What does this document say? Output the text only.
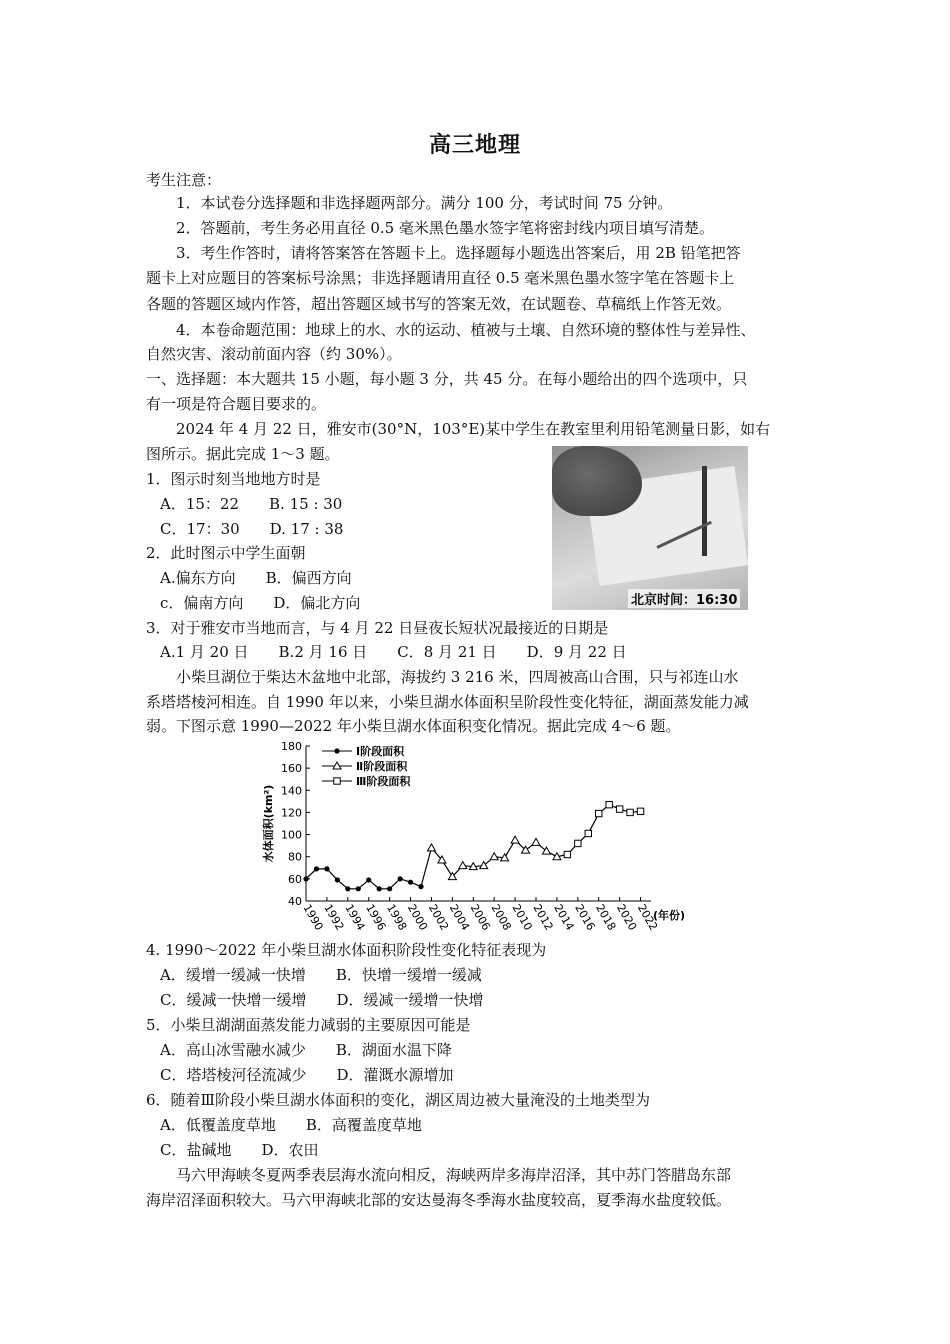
高三地理
考生注意：
1．本试卷分选择题和非选择题两部分。满分 100 分，考试时间 75 分钟。
2．答题前，考生务必用直径 0.5 毫米黑色墨水签字笔将密封线内项目填写清楚。
3．考生作答时，请将答案答在答题卡上。选择题每小题选出答案后，用 2B 铅笔把答
题卡上对应题目的答案标号涂黑；非选择题请用直径 0.5 毫米黑色墨水签字笔在答题卡上
各题的答题区域内作答，超出答题区域书写的答案无效，在试题卷、草稿纸上作答无效。
4．本卷命题范围：地球上的水、水的运动、植被与土壤、自然环境的整体性与差异性、
自然灾害、滚动前面内容（约 30%）。
一、选择题：本大题共 15 小题，每小题 3 分，共 45 分。在每小题给出的四个选项中，只
有一项是符合题目要求的。
2024 年 4 月 22 日，雅安市(30°N，103°E)某中学生在教室里利用铅笔测量日影，如右
图所示。据此完成 1～3 题。
北京时间：16:30
1．图示时刻当地地方时是
A．15：22　　B. 15 : 30
C．17：30　　D. 17 : 38
2．此时图示中学生面朝
A.偏东方向　　B．偏西方向
c．偏南方向　　D．偏北方向
3．对于雅安市当地而言，与 4 月 22 日昼夜长短状况最接近的日期是
A.1 月 20 日　　B.2 月 16 日　　C．8 月 21 日　　D．9 月 22 日
小柴旦湖位于柴达木盆地中北部，海拔约 3 216 米，四周被高山合围，只与祁连山水
系塔塔棱河相连。自 1990 年以来，小柴旦湖水体面积呈阶段性变化特征，湖面蒸发能力减
弱。下图示意 1990—2022 年小柴旦湖水体面积变化情况。据此完成 4～6 题。
40
60
80
100
120
140
160
180
1990
1992
1994
1996
1998
2000
2002
2004
2006
2008
2010
2012
2014
2016
2018
2020
2022
(年份)
水体面积(km²)
Ⅰ阶段面积
Ⅱ阶段面积
Ⅲ阶段面积
4. 1990～2022 年小柴旦湖水体面积阶段性变化特征表现为
A．缓增一缓减一快增　　B．快增一缓增一缓减
C．缓减一快增一缓增　　D．缓减一缓增一快增
5．小柴旦湖湖面蒸发能力减弱的主要原因可能是
A．高山冰雪融水减少　　B．湖面水温下降
C．塔塔棱河径流减少　　D．灌溉水源增加
6．随着Ⅲ阶段小柴旦湖水体面积的变化，湖区周边被大量淹没的土地类型为
A．低覆盖度草地　　B．高覆盖度草地
C．盐碱地　　D．农田
马六甲海峡冬夏两季表层海水流向相反，海峡两岸多海岸沼泽，其中苏门答腊岛东部
海岸沼泽面积较大。马六甲海峡北部的安达曼海冬季海水盐度较高，夏季海水盐度较低。
